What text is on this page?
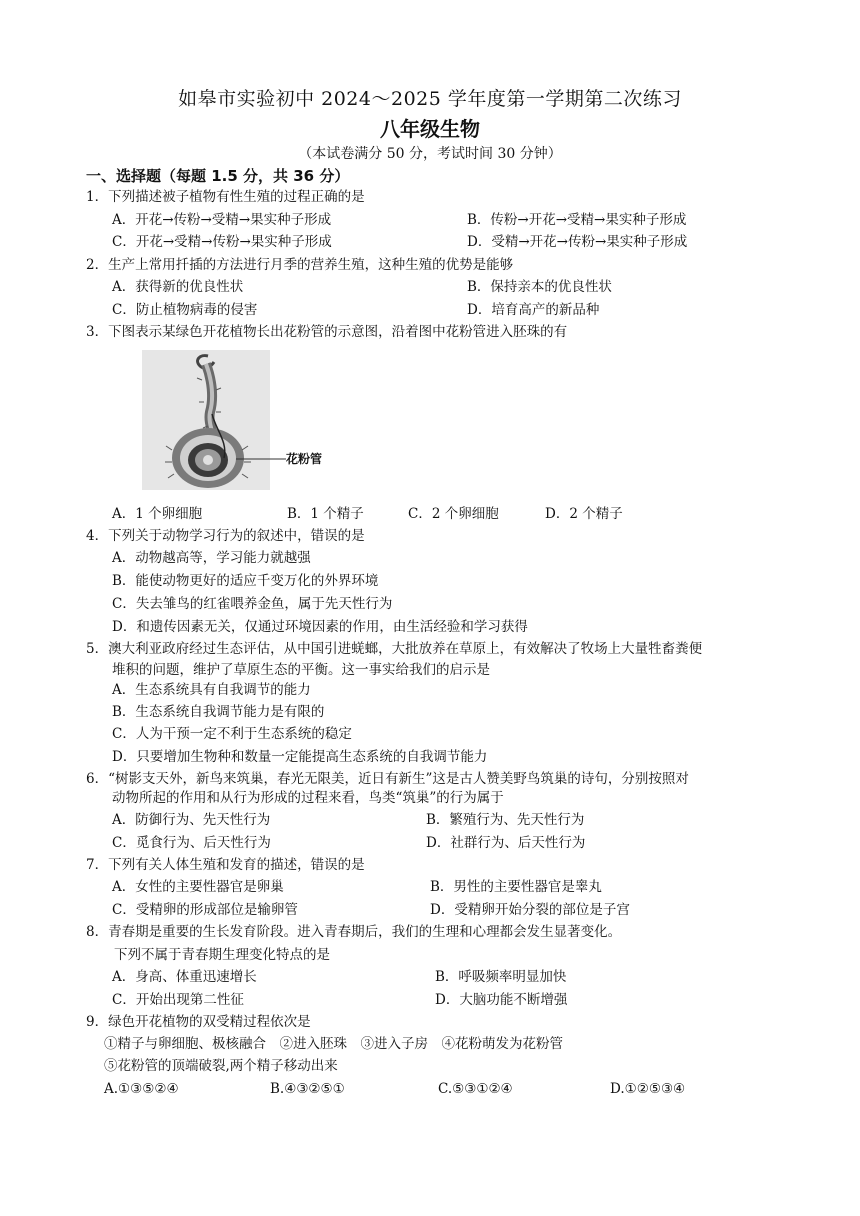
如皋市实验初中 2024～2025 学年度第一学期第二次练习
八年级生物
（本试卷满分 50 分，考试时间 30 分钟）
一、选择题（每题 1.5 分，共 36 分）
1．下列描述被子植物有性生殖的过程正确的是
A．开花→传粉→受精→果实种子形成	B．传粉→开花→受精→果实种子形成
C．开花→受精→传粉→果实种子形成	D．受精→开花→传粉→果实种子形成
2．生产上常用扦插的方法进行月季的营养生殖，这种生殖的优势是能够
A．获得新的优良性状	B．保持亲本的优良性状
C．防止植物病毒的侵害	D．培育高产的新品种
3．下图表示某绿色开花植物长出花粉管的示意图，沿着图中花粉管进入胚珠的有
花粉管
A．1 个卵细胞	B．1 个精子	C．2 个卵细胞	D．2 个精子
4．下列关于动物学习行为的叙述中，错误的是
A．动物越高等，学习能力就越强
B．能使动物更好的适应千变万化的外界环境
C．失去雏鸟的红雀喂养金鱼，属于先天性行为
D．和遗传因素无关，仅通过环境因素的作用，由生活经验和学习获得
5．澳大利亚政府经过生态评估，从中国引进蜣螂，大批放养在草原上，有效解决了牧场上大量牲畜粪便
堆积的问题，维护了草原生态的平衡。这一事实给我们的启示是
A．生态系统具有自我调节的能力
B．生态系统自我调节能力是有限的
C．人为干预一定不利于生态系统的稳定
D．只要增加生物种和数量一定能提高生态系统的自我调节能力
6．“树影支天外，新鸟来筑巢，春光无限美，近日有新生”这是古人赞美野鸟筑巢的诗句，分别按照对
动物所起的作用和从行为形成的过程来看，鸟类“筑巢”的行为属于
A．防御行为、先天性行为	B．繁殖行为、先天性行为
C．觅食行为、后天性行为	D．社群行为、后天性行为
7．下列有关人体生殖和发育的描述，错误的是
A．女性的主要性器官是卵巢	B．男性的主要性器官是睾丸
C．受精卵的形成部位是输卵管	D．受精卵开始分裂的部位是子宫
8．青春期是重要的生长发育阶段。进入青春期后，我们的生理和心理都会发生显著变化。
下列不属于青春期生理变化特点的是
A．身高、体重迅速增长	B．呼吸频率明显加快
C．开始出现第二性征	D．大脑功能不断增强
9．绿色开花植物的双受精过程依次是
①精子与卵细胞、极核融合　②进入胚珠　③进入子房　④花粉萌发为花粉管
⑤花粉管的顶端破裂,两个精子移动出来
A.①③⑤②④	B.④③②⑤①	C.⑤③①②④	D.①②⑤③④
